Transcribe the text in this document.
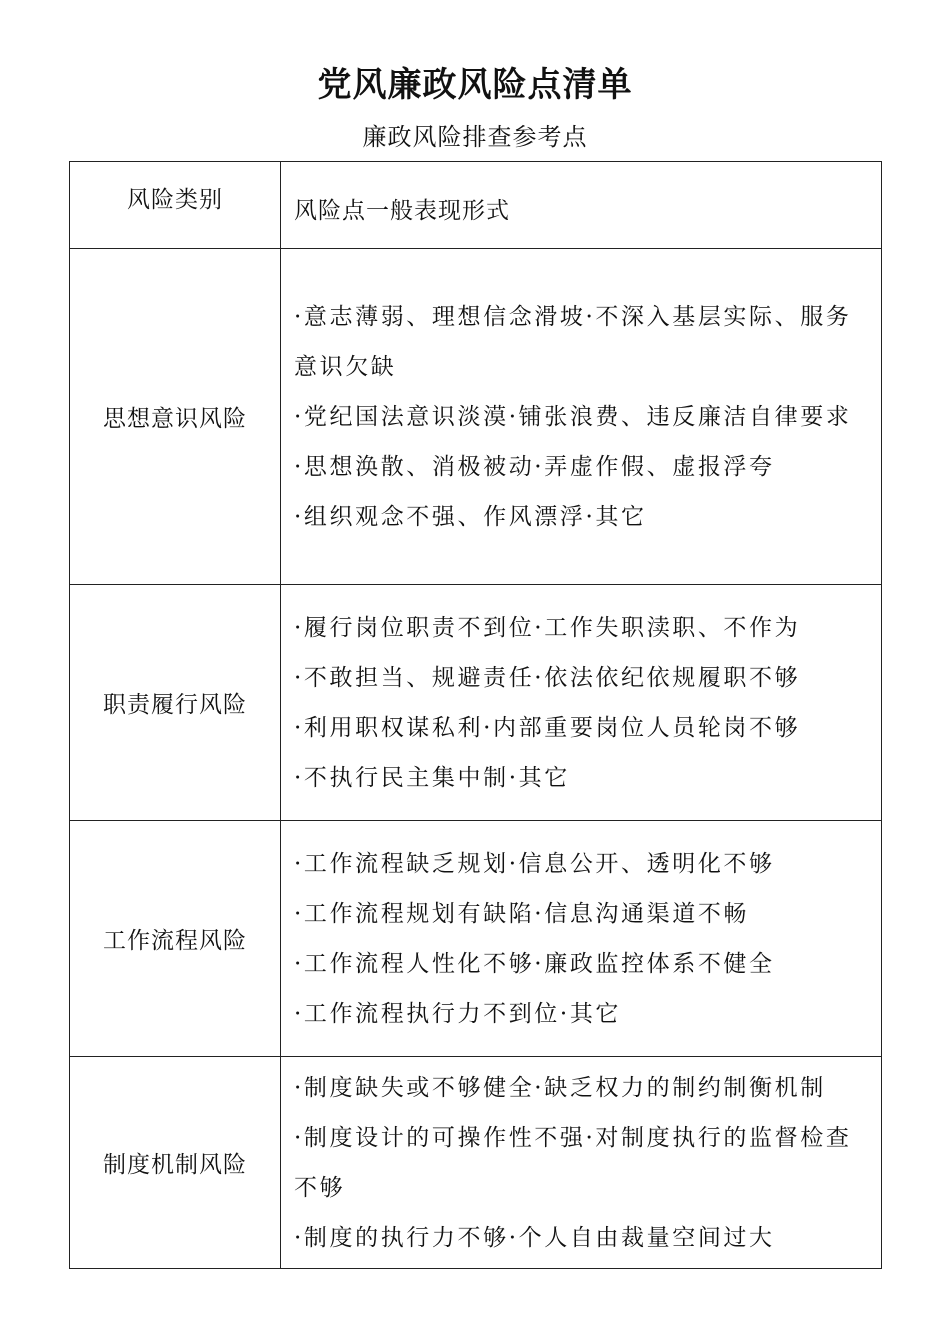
党风廉政风险点清单
廉政风险排查参考点
风险类别	风险点一般表现形式
思想意识风险	·意志薄弱、理想信念滑坡·不深入基层实际、服务意识欠缺
·党纪国法意识淡漠·铺张浪费、违反廉洁自律要求
·思想涣散、消极被动·弄虚作假、虚报浮夸
·组织观念不强、作风漂浮·其它

职责履行风险	·履行岗位职责不到位·工作失职渎职、不作为
·不敢担当、规避责任·依法依纪依规履职不够
·利用职权谋私利·内部重要岗位人员轮岗不够
·不执行民主集中制·其它

工作流程风险	·工作流程缺乏规划·信息公开、透明化不够
·工作流程规划有缺陷·信息沟通渠道不畅
·工作流程人性化不够·廉政监控体系不健全
·工作流程执行力不到位·其它

制度机制风险	·制度缺失或不够健全·缺乏权力的制约制衡机制
·制度设计的可操作性不强·对制度执行的监督检查不够
·制度的执行力不够·个人自由裁量空间过大
